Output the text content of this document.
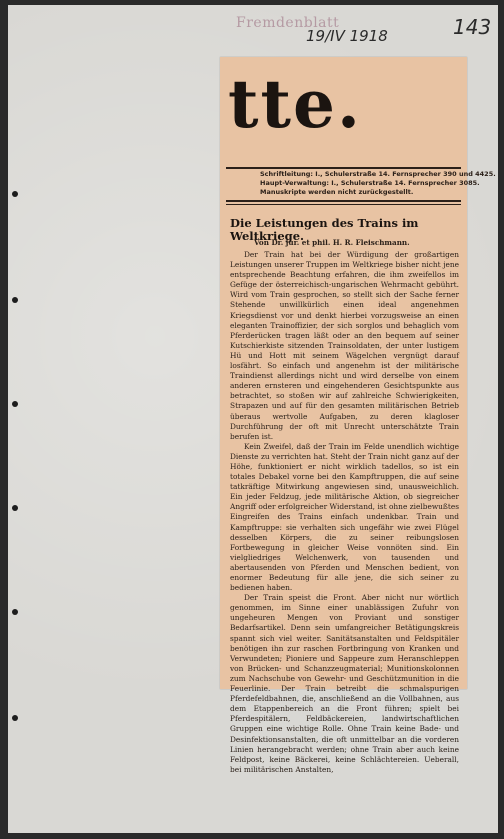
Fremdenblatt
19/IV 1918	143
tte.
Schriftleitung: I., Schulerstraße 14. Fernsprecher 390 und 4425.
Haupt-Verwaltung: I., Schulerstraße 14. Fernsprecher 3085.
Manuskripte werden nicht zurückgestellt.
Die Leistungen des Trains im Weltkriege.
Von Dr. jur. et phil. H. R. Fleischmann.

Der Train hat bei der Würdigung der großartigen Leistungen unserer Truppen im Weltkriege bisher nicht jene entsprechende Beachtung erfahren, die ihm zweifellos im Gefüge der österreichisch-ungarischen Wehrmacht gebührt. Wird vom Train gesprochen, so stellt sich der Sache ferner Stehende unwillkürlich einen ideal angenehmen Kriegsdienst vor und denkt hierbei vorzugsweise an einen eleganten Trainoffizier, der sich sorglos und behaglich vom Pferderücken tragen läßt oder an den bequem auf seiner Kutschierkiste sitzenden Trainsoldaten, der unter lustigem Hü und Hott mit seinem Wägelchen vergnügt darauf losfährt. So einfach und angenehm ist der militärische Traindienst allerdings nicht und wird derselbe von einem anderen ernsteren und eingehenderen Gesichtspunkte aus betrachtet, so stoßen wir auf zahlreiche Schwierigkeiten, Strapazen und auf für den gesamten militärischen Betrieb überaus wertvolle Aufgaben, zu deren klagloser Durchführung der oft mit Unrecht unterschätzte Train berufen ist.

Kein Zweifel, daß der Train im Felde unendlich wichtige Dienste zu verrichten hat. Steht der Train nicht ganz auf der Höhe, funktioniert er nicht wirklich tadellos, so ist ein totales Debakel vorne bei den Kampftruppen, die auf seine tatkräftige Mitwirkung angewiesen sind, unausweichlich. Ein jeder Feldzug, jede militärische Aktion, ob siegreicher Angriff oder erfolgreicher Widerstand, ist ohne zielbewußtes Eingreifen des Trains einfach undenkbar. Train und Kampftruppe: sie verhalten sich ungefähr wie zwei Flügel desselben Körpers, die zu seiner reibungslosen Fortbewegung in gleicher Weise vonnöten sind. Ein vielgliedriges Welchenwerk, von tausenden und abertausenden von Pferden und Menschen bedient, von enormer Bedeutung für alle jene, die sich seiner zu bedienen haben.

Der Train speist die Front. Aber nicht nur wörtlich genommen, im Sinne einer unablässigen Zufuhr von ungeheuren Mengen von Proviant und sonstiger Bedarfsartikel. Denn sein umfangreicher Betätigungskreis spannt sich viel weiter. Sanitätsanstalten und Feldspitäler benötigen ihn zur raschen Fortbringung von Kranken und Verwundeten; Pioniere und Sappeure zum Heranschleppen von Brücken- und Schanzzeugmaterial; Munitionskolonnen zum Nachschube von Gewehr- und Geschützmunition in die Feuerlinie. Der Train betreibt die schmalspurigen Pferdefeldbahnen, die, anschließend an die Vollbahnen, aus dem Etappenbereich an die Front führen; spielt bei Pferdespitälern, Feldbäckereien, landwirtschaftlichen Gruppen eine wichtige Rolle. Ohne Train keine Bade- und Desinfektionsanstalten, die oft unmittelbar an die vorderen Linien herangebracht werden; ohne Train aber auch keine Feldpost, keine Bäckerei, keine Schlächtereien. Ueberall, bei militärischen Anstalten,
